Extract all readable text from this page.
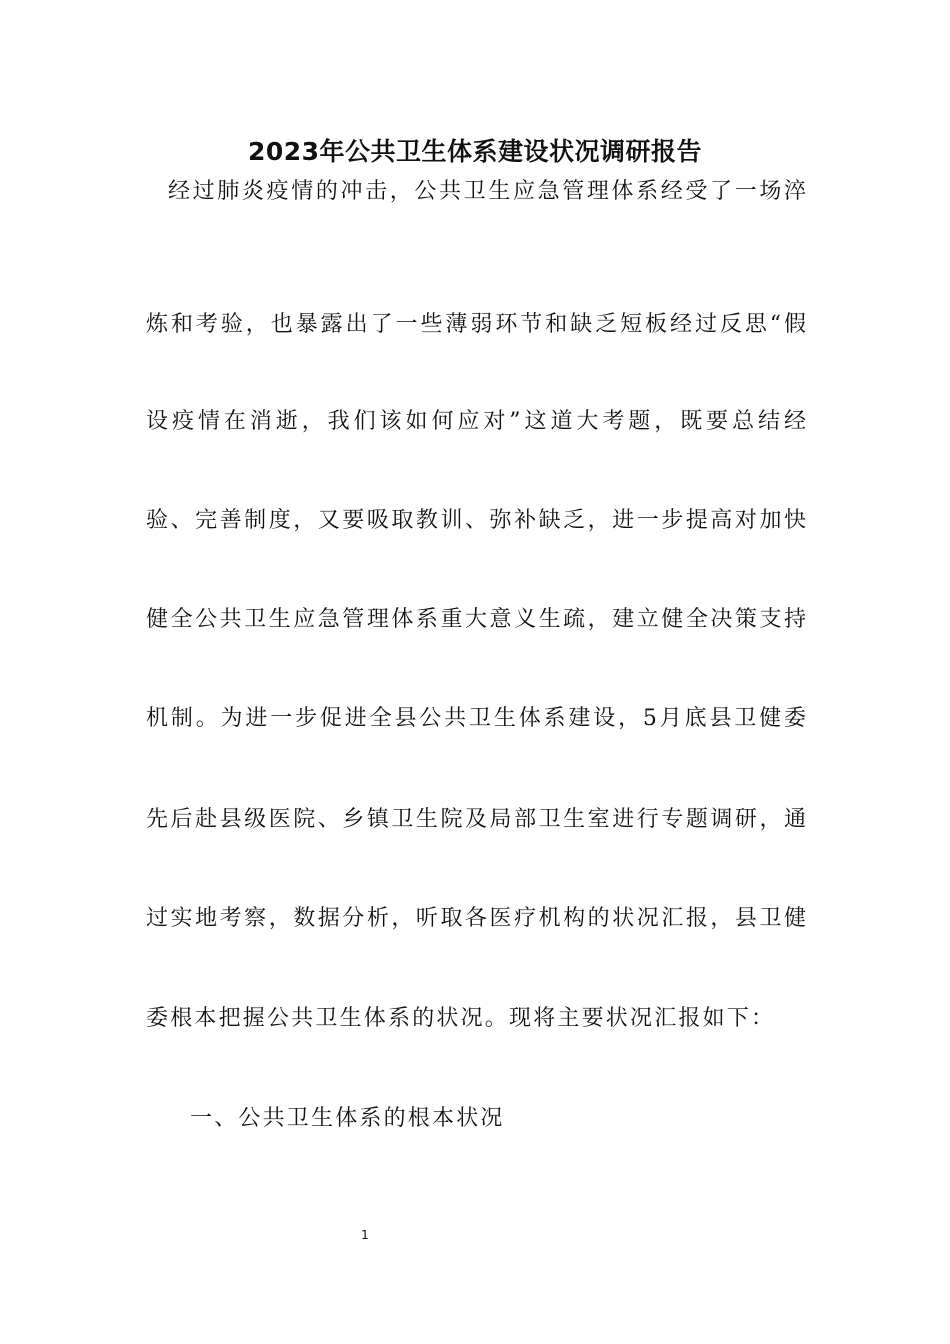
2023年公共卫生体系建设状况调研报告
经过肺炎疫情的冲击，公共卫生应急管理体系经受了一场淬
炼和考验，也暴露出了一些薄弱环节和缺乏短板经过反思“假
设疫情在消逝，我们该如何应对”这道大考题，既要总结经
验、完善制度，又要吸取教训、弥补缺乏，进一步提高对加快
健全公共卫生应急管理体系重大意义生疏，建立健全决策支持
机制。为进一步促进全县公共卫生体系建设，5月底县卫健委
先后赴县级医院、乡镇卫生院及局部卫生室进行专题调研，通
过实地考察，数据分析，听取各医疗机构的状况汇报，县卫健
委根本把握公共卫生体系的状况。现将主要状况汇报如下：
一、公共卫生体系的根本状况
1
